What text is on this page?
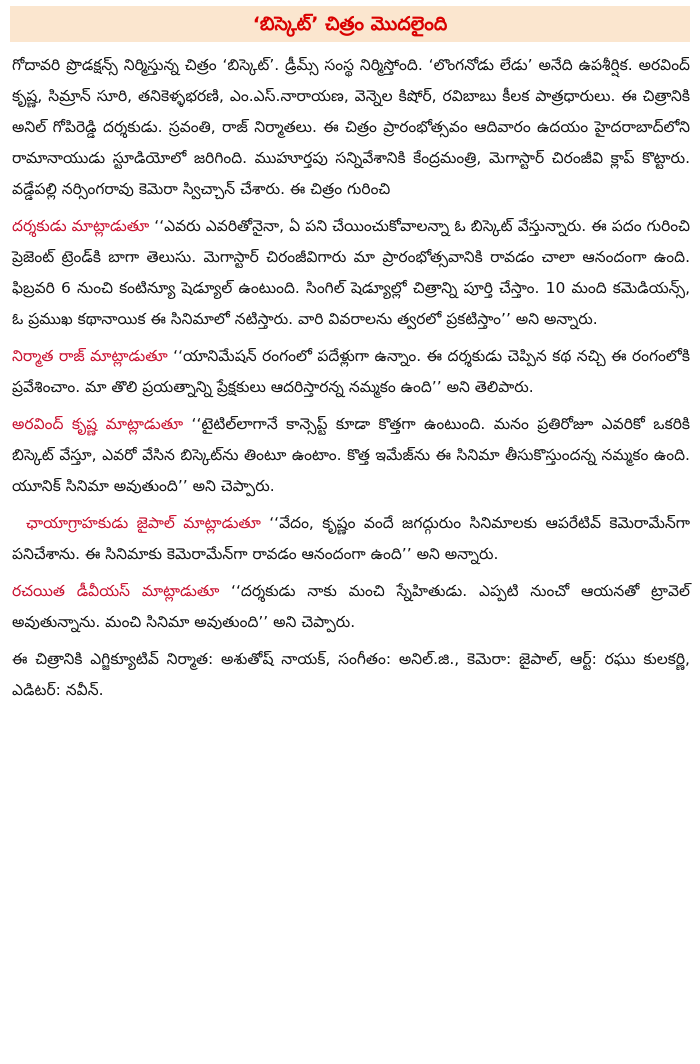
‘బిస్కెట్’ చిత్రం మొదలైంది

గోదావరి ప్రొడక్షన్స్ నిర్మిస్తున్న చిత్రం ‘బిస్కెట్’. డ్రీమ్స్ సంస్థ నిర్మిస్తోంది. ‘లొంగనోడు లేడు’ అనేది ఉపశీర్షిక. అరవింద్ కృష్ణ, సిమ్రాన్ సూరి, తనికెళ్ళభరణి, ఎం.ఎస్.నారాయణ, వెన్నెల కిషోర్, రవిబాబు కీలక పాత్రధారులు. ఈ చిత్రానికి అనిల్ గోపిరెడ్డి దర్శకుడు. స్రవంతి, రాజ్ నిర్మాతలు. ఈ చిత్రం ప్రారంభోత్సవం ఆదివారం ఉదయం హైదరాబాద్‌లోని రామానాయుడు స్టూడియోలో జరిగింది. ముహూర్తపు సన్నివేశానికి కేంద్రమంత్రి, మెగాస్టార్ చిరంజీవి క్లాప్ కొట్టారు. వడ్డేపల్లి నర్సింగరావు కెమెరా స్విచ్చాన్ చేశారు. ఈ చిత్రం గురించి

దర్శకుడు మాట్లాడుతూ ‘‘ఎవరు ఎవరితోనైనా, ఏ పని చేయించుకోవాలన్నా ఓ బిస్కెట్ వేస్తున్నారు. ఈ పదం గురించి ప్రెజెంట్ ట్రెండ్‌కి బాగా తెలుసు. మెగాస్టార్ చిరంజీవిగారు మా ప్రారంభోత్సవానికి రావడం చాలా ఆనందంగా ఉంది. ఫిబ్రవరి 6 నుంచి కంటిన్యూ షెడ్యూల్ ఉంటుంది. సింగిల్ షెడ్యూల్లో చిత్రాన్ని పూర్తి చేస్తాం. 10 మంది కమెడియన్స్, ఓ ప్రముఖ కథానాయిక ఈ సినిమాలో నటిస్తారు. వారి వివరాలను త్వరలో ప్రకటిస్తాం’’ అని అన్నారు.

నిర్మాత రాజ్ మాట్లాడుతూ ‘‘యానిమేషన్ రంగంలో పదేళ్లుగా ఉన్నాం. ఈ దర్శకుడు చెప్పిన కథ నచ్చి ఈ రంగంలోకి ప్రవేశించాం. మా తొలి ప్రయత్నాన్ని ప్రేక్షకులు ఆదరిస్తారన్న నమ్మకం ఉంది’’ అని తెలిపారు.

అరవింద్ కృష్ణ మాట్లాడుతూ ‘‘టైటిల్‌లాగానే కాన్సెప్ట్ కూడా కొత్తగా ఉంటుంది. మనం ప్రతిరోజూ ఎవరికో ఒకరికి బిస్కెట్ వేస్తూ, ఎవరో వేసిన బిస్కెట్‌ను తింటూ ఉంటాం. కొత్త ఇమేజ్‌ను ఈ సినిమా తీసుకొస్తుందన్న నమ్మకం ఉంది. యూనిక్ సినిమా అవుతుంది’’ అని చెప్పారు.

ఛాయాగ్రాహకుడు జైపాల్ మాట్లాడుతూ ‘‘వేదం, కృష్ణం వందే జగద్గురుం సినిమాలకు ఆపరేటివ్ కెమెరామేన్‌గా పనిచేశాను. ఈ సినిమాకు కెమెరామేన్‌గా రావడం ఆనందంగా ఉంది’’ అని అన్నారు.

రచయిత డీవీయస్ మాట్లాడుతూ ‘‘దర్శకుడు నాకు మంచి స్నేహితుడు. ఎప్పటి నుంచో ఆయనతో ట్రావెల్ అవుతున్నాను. మంచి సినిమా అవుతుంది’’ అని చెప్పారు.

ఈ చిత్రానికి ఎగ్జిక్యూటివ్ నిర్మాత: అశుతోష్ నాయక్, సంగీతం: అనిల్.జి., కెమెరా: జైపాల్, ఆర్ట్: రఘు కులకర్ణి, ఎడిటర్: నవీన్.
